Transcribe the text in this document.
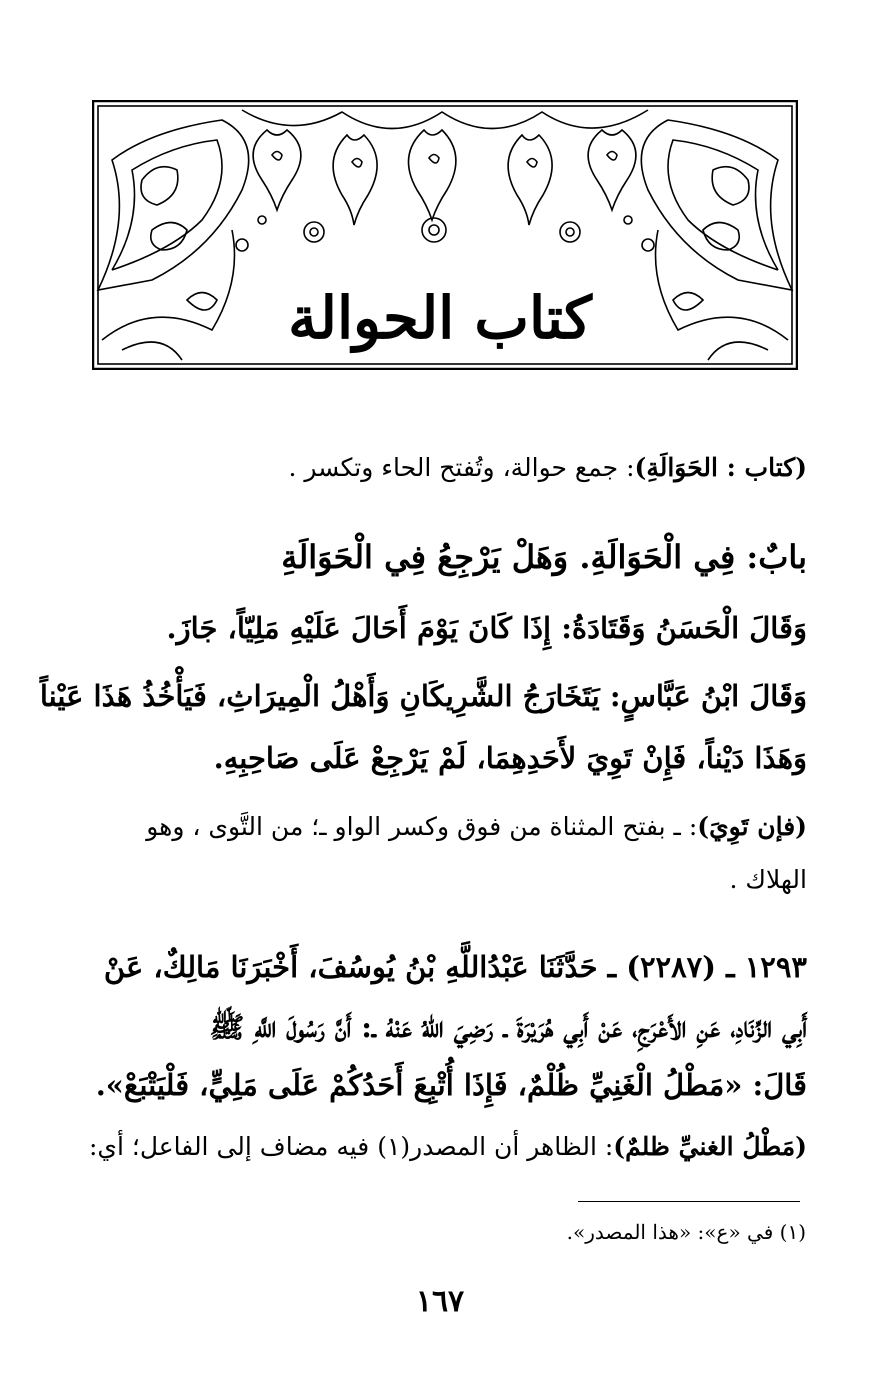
كتاب الحوالة
(كتاب : الحَوَالَةِ): جمع حوالة، وتُفتح الحاء وتكسر .
بابٌ: فِي الْحَوَالَةِ. وَهَلْ يَرْجِعُ فِي الْحَوَالَةِ
وَقَالَ الْحَسَنُ وَقَتَادَةُ: إِذَا كَانَ يَوْمَ أَحَالَ عَلَيْهِ مَلِيّاً، جَازَ.
وَقَالَ ابْنُ عَبَّاسٍ: يَتَخَارَجُ الشَّرِيكَانِ وَأَهْلُ الْمِيرَاثِ، فَيَأْخُذُ هَذَا عَيْناً
وَهَذَا دَيْناً، فَإِنْ تَوِيَ لأَحَدِهِمَا، لَمْ يَرْجِعْ عَلَى صَاحِبِهِ.
(فإن تَوِيَ): ـ بفتح المثناة من فوق وكسر الواو ـ؛ من التَّوى ، وهو
الهلاك .
١٢٩٣ ـ (٢٢٨٧) ـ حَدَّثَنَا عَبْدُاللَّهِ بْنُ يُوسُفَ، أَخْبَرَنَا مَالِكٌ، عَنْ
أَبِي الزِّنَادِ، عَنِ الأَعْرَجِ، عَنْ أَبِي هُرَيْرَةَ ـ رَضِيَ اللهُ عَنْهُ ـ: أَنَّ رَسُولَ اللَّهِ ﷺ
قَالَ: «مَطْلُ الْغَنِيِّ ظُلْمٌ، فَإِذَا أُتْبِعَ أَحَدُكُمْ عَلَى مَلِيٍّ، فَلْيَتْبَعْ».
(مَطْلُ الغنيِّ ظلمٌ): الظاهر أن المصدر(١) فيه مضاف إلى الفاعل؛ أي:
(١) في «ع»: «هذا المصدر».
١٦٧
